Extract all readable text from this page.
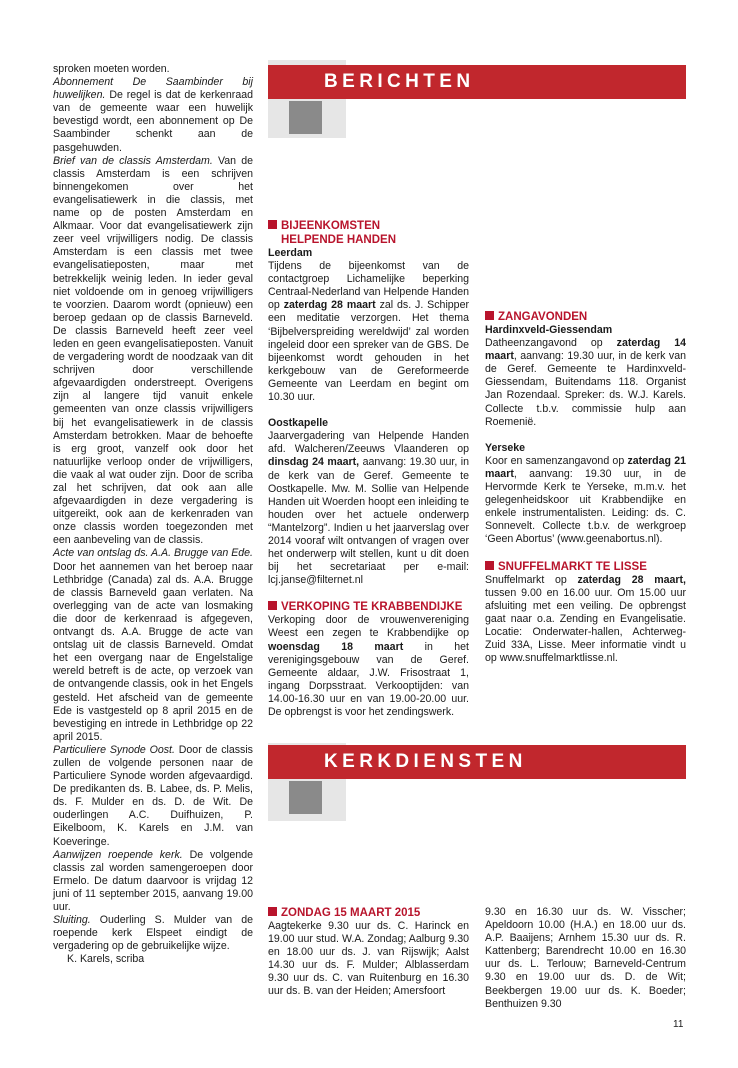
sproken moeten worden.

Abonnement De Saambinder bij huwelijken. De regel is dat de kerkenraad van de gemeente waar een huwelijk bevestigd wordt, een abonnement op De Saambinder schenkt aan de pasgehuwden.

Brief van de classis Amsterdam. Van de classis Amsterdam is een schrijven binnengekomen over het evangelisatiewerk in die classis, met name op de posten Amsterdam en Alkmaar. Voor dat evangelisatiewerk zijn zeer veel vrijwilligers nodig. De classis Amsterdam is een classis met twee evangelisatieposten, maar met betrekkelijk weinig leden. In ieder geval niet voldoende om in genoeg vrijwilligers te voorzien. Daarom wordt (opnieuw) een beroep gedaan op de classis Barneveld. De classis Barneveld heeft zeer veel leden en geen evangelisatieposten. Vanuit de vergadering wordt de noodzaak van dit schrijven door verschillende afgevaardigden onderstreept. Overigens zijn al langere tijd vanuit enkele gemeenten van onze classis vrijwilligers bij het evangelisatiewerk in de classis Amsterdam betrokken. Maar de behoefte is erg groot, vanzelf ook door het natuurlijke verloop onder de vrijwilligers, die vaak al wat ouder zijn. Door de scriba zal het schrijven, dat ook aan alle afgevaardigden in deze vergadering is uitgereikt, ook aan de kerkenraden van onze classis worden toegezonden met een aanbeveling van de classis.

Acte van ontslag ds. A.A. Brugge van Ede. Door het aannemen van het beroep naar Lethbridge (Canada) zal ds. A.A. Brugge de classis Barneveld gaan verlaten. Na overlegging van de acte van losmaking die door de kerkenraad is afgegeven, ontvangt ds. A.A. Brugge de acte van ontslag uit de classis Barneveld. Omdat het een overgang naar de Engelstalige wereld betreft is de acte, op verzoek van de ontvangende classis, ook in het Engels gesteld. Het afscheid van de gemeente Ede is vastgesteld op 8 april 2015 en de bevestiging en intrede in Lethbridge op 22 april 2015.

Particuliere Synode Oost. Door de classis zullen de volgende personen naar de Particuliere Synode worden afgevaardigd. De predikanten ds. B. Labee, ds. P. Melis, ds. F. Mulder en ds. D. de Wit. De ouderlingen A.C. Duifhuizen, P. Eikelboom, K. Karels en J.M. van Koeveringe.

Aanwijzen roepende kerk. De volgende classis zal worden samengeroepen door Ermelo. De datum daarvoor is vrijdag 12 juni of 11 september 2015, aanvang 19.00 uur.

Sluiting. Ouderling S. Mulder van de roepende kerk Elspeet eindigt de vergadering op de gebruikelijke wijze.

K. Karels, scriba

BERICHTEN
BIJEENKOMSTEN
HELPENDE HANDEN

Leerdam

Tijdens de bijeenkomst van de contactgroep Lichamelijke beperking Centraal-Nederland van Helpende Handen op zaterdag 28 maart zal ds. J. Schipper een meditatie verzorgen. Het thema ‘Bijbelverspreiding wereldwijd’ zal worden ingeleid door een spreker van de GBS. De bijeenkomst wordt gehouden in het kerkgebouw van de Gereformeerde Gemeente van Leerdam en begint om 10.30 uur.

Oostkapelle

Jaarvergadering van Helpende Handen afd. Walcheren/Zeeuws Vlaanderen op dinsdag 24 maart, aanvang: 19.30 uur, in de kerk van de Geref. Gemeente te Oostkapelle. Mw. M. Sollie van Helpende Handen uit Woerden hoopt een inleiding te houden over het actuele onderwerp “Mantelzorg”. Indien u het jaarverslag over 2014 vooraf wilt ontvangen of vragen over het onderwerp wilt stellen, kunt u dit doen bij het secretariaat per e-mail: lcj.janse@filternet.nl

VERKOPING TE KRABBENDIJKE

Verkoping door de vrouwenvereniging Weest een zegen te Krabbendijke op woensdag 18 maart in het verenigingsgebouw van de Geref. Gemeente aldaar, J.W. Frisostraat 1, ingang Dorpsstraat. Verkooptijden: van 14.00-16.30 uur en van 19.00-20.00 uur. De opbrengst is voor het zendingswerk.

ZANGAVONDEN

Hardinxveld-Giessendam

Datheenzangavond op zaterdag 14 maart, aanvang: 19.30 uur, in de kerk van de Geref. Gemeente te Hardinxveld-Giessendam, Buitendams 118. Organist Jan Rozendaal. Spreker: ds. W.J. Karels. Collecte t.b.v. commissie hulp aan Roemenië.

Yerseke

Koor en samenzangavond op zaterdag 21 maart, aanvang: 19.30 uur, in de Hervormde Kerk te Yerseke, m.m.v. het gelegenheidskoor uit Krabbendijke en enkele instrumentalisten. Leiding: ds. C. Sonnevelt. Collecte t.b.v. de werkgroep ‘Geen Abortus’ (www.geenabortus.nl).

SNUFFELMARKT TE LISSE

Snuffelmarkt op zaterdag 28 maart, tussen 9.00 en 16.00 uur. Om 15.00 uur afsluiting met een veiling. De opbrengst gaat naar o.a. Zending en Evangelisatie. Locatie: Onderwater-hallen, Achterweg-Zuid 33A, Lisse. Meer informatie vindt u op www.snuffelmarktlisse.nl.

KERKDIENSTEN
ZONDAG 15 MAART 2015

Aagtekerke 9.30 uur ds. C. Harinck en 19.00 uur stud. W.A. Zondag; Aalburg 9.30 en 18.00 uur ds. J. van Rijswijk; Aalst 14.30 uur ds. F. Mulder; Alblasserdam 9.30 uur ds. C. van Ruitenburg en 16.30 uur ds. B. van der Heiden; Amersfoort

9.30 en 16.30 uur ds. W. Visscher; Apeldoorn 10.00 (H.A.) en 18.00 uur ds. A.P. Baaijens; Arnhem 15.30 uur ds. R. Kattenberg; Barendrecht 10.00 en 16.30 uur ds. L. Terlouw; Barneveld-Centrum 9.30 en 19.00 uur ds. D. de Wit; Beekbergen 19.00 uur ds. K. Boeder; Benthuizen 9.30

11
